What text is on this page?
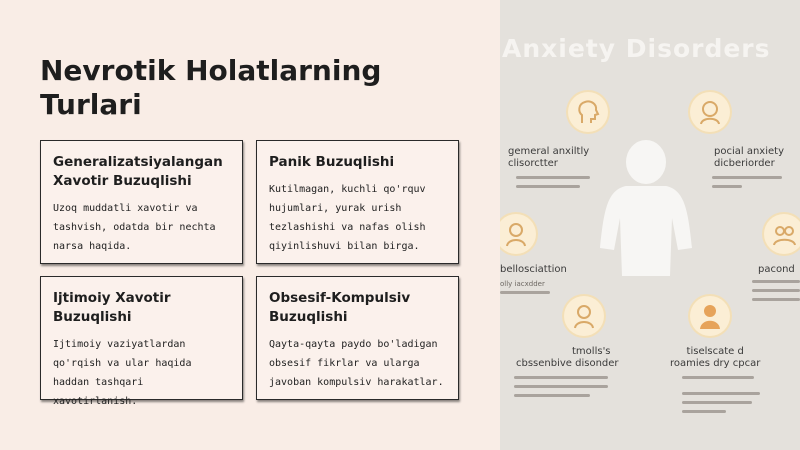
Nevrotik Holatlarning Turlari

Generalizatsiyalangan Xavotir Buzuqlishi

Uzoq muddatli xavotir va tashvish, odatda bir nechta narsa haqida.

Panik Buzuqlishi

Kutilmagan, kuchli qo'rquv hujumlari, yurak urish tezlashishi va nafas olish qiyinlishuvi bilan birga.

Ijtimoiy Xavotir Buzuqlishi

Ijtimoiy vaziyatlardan qo'rqish va ular haqida haddan tashqari xavotirlanish.

Obsesif-Kompulsiv Buzuqlishi

Qayta-qayta paydo bo'ladigan obsesif fikrlar va ularga javoban kompulsiv harakatlar.

Anxiety Disorders
gemeral anxiltly
clisorctter
pocial anxiety
dicberiorder
bellosciattion
olly iacxdder
pacond
tmolls's
cbssenbive disonder
tiselscate d
roamies dry cpcar
